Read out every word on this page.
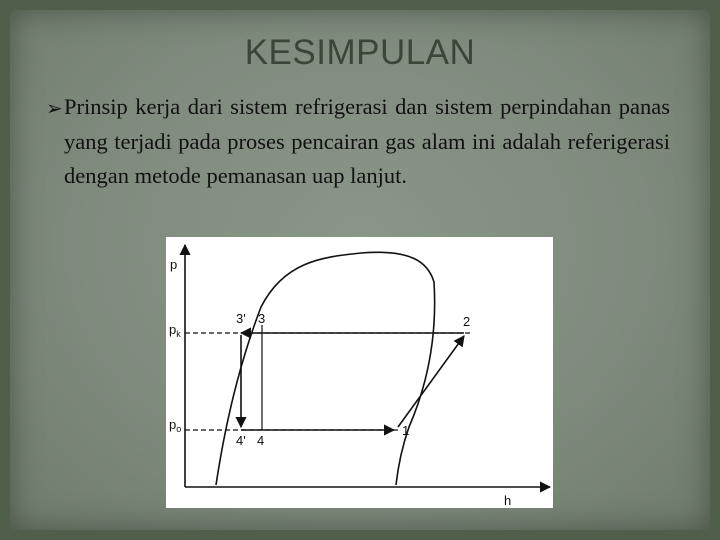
KESIMPULAN
➢ Prinsip kerja dari sistem refrigerasi dan sistem perpindahan panas yang terjadi pada proses pencairan gas alam ini adalah referigerasi dengan metode pemanasan uap lanjut.
p
h
$p_k$
$p_o$
3' 3	2
4' 4
1
